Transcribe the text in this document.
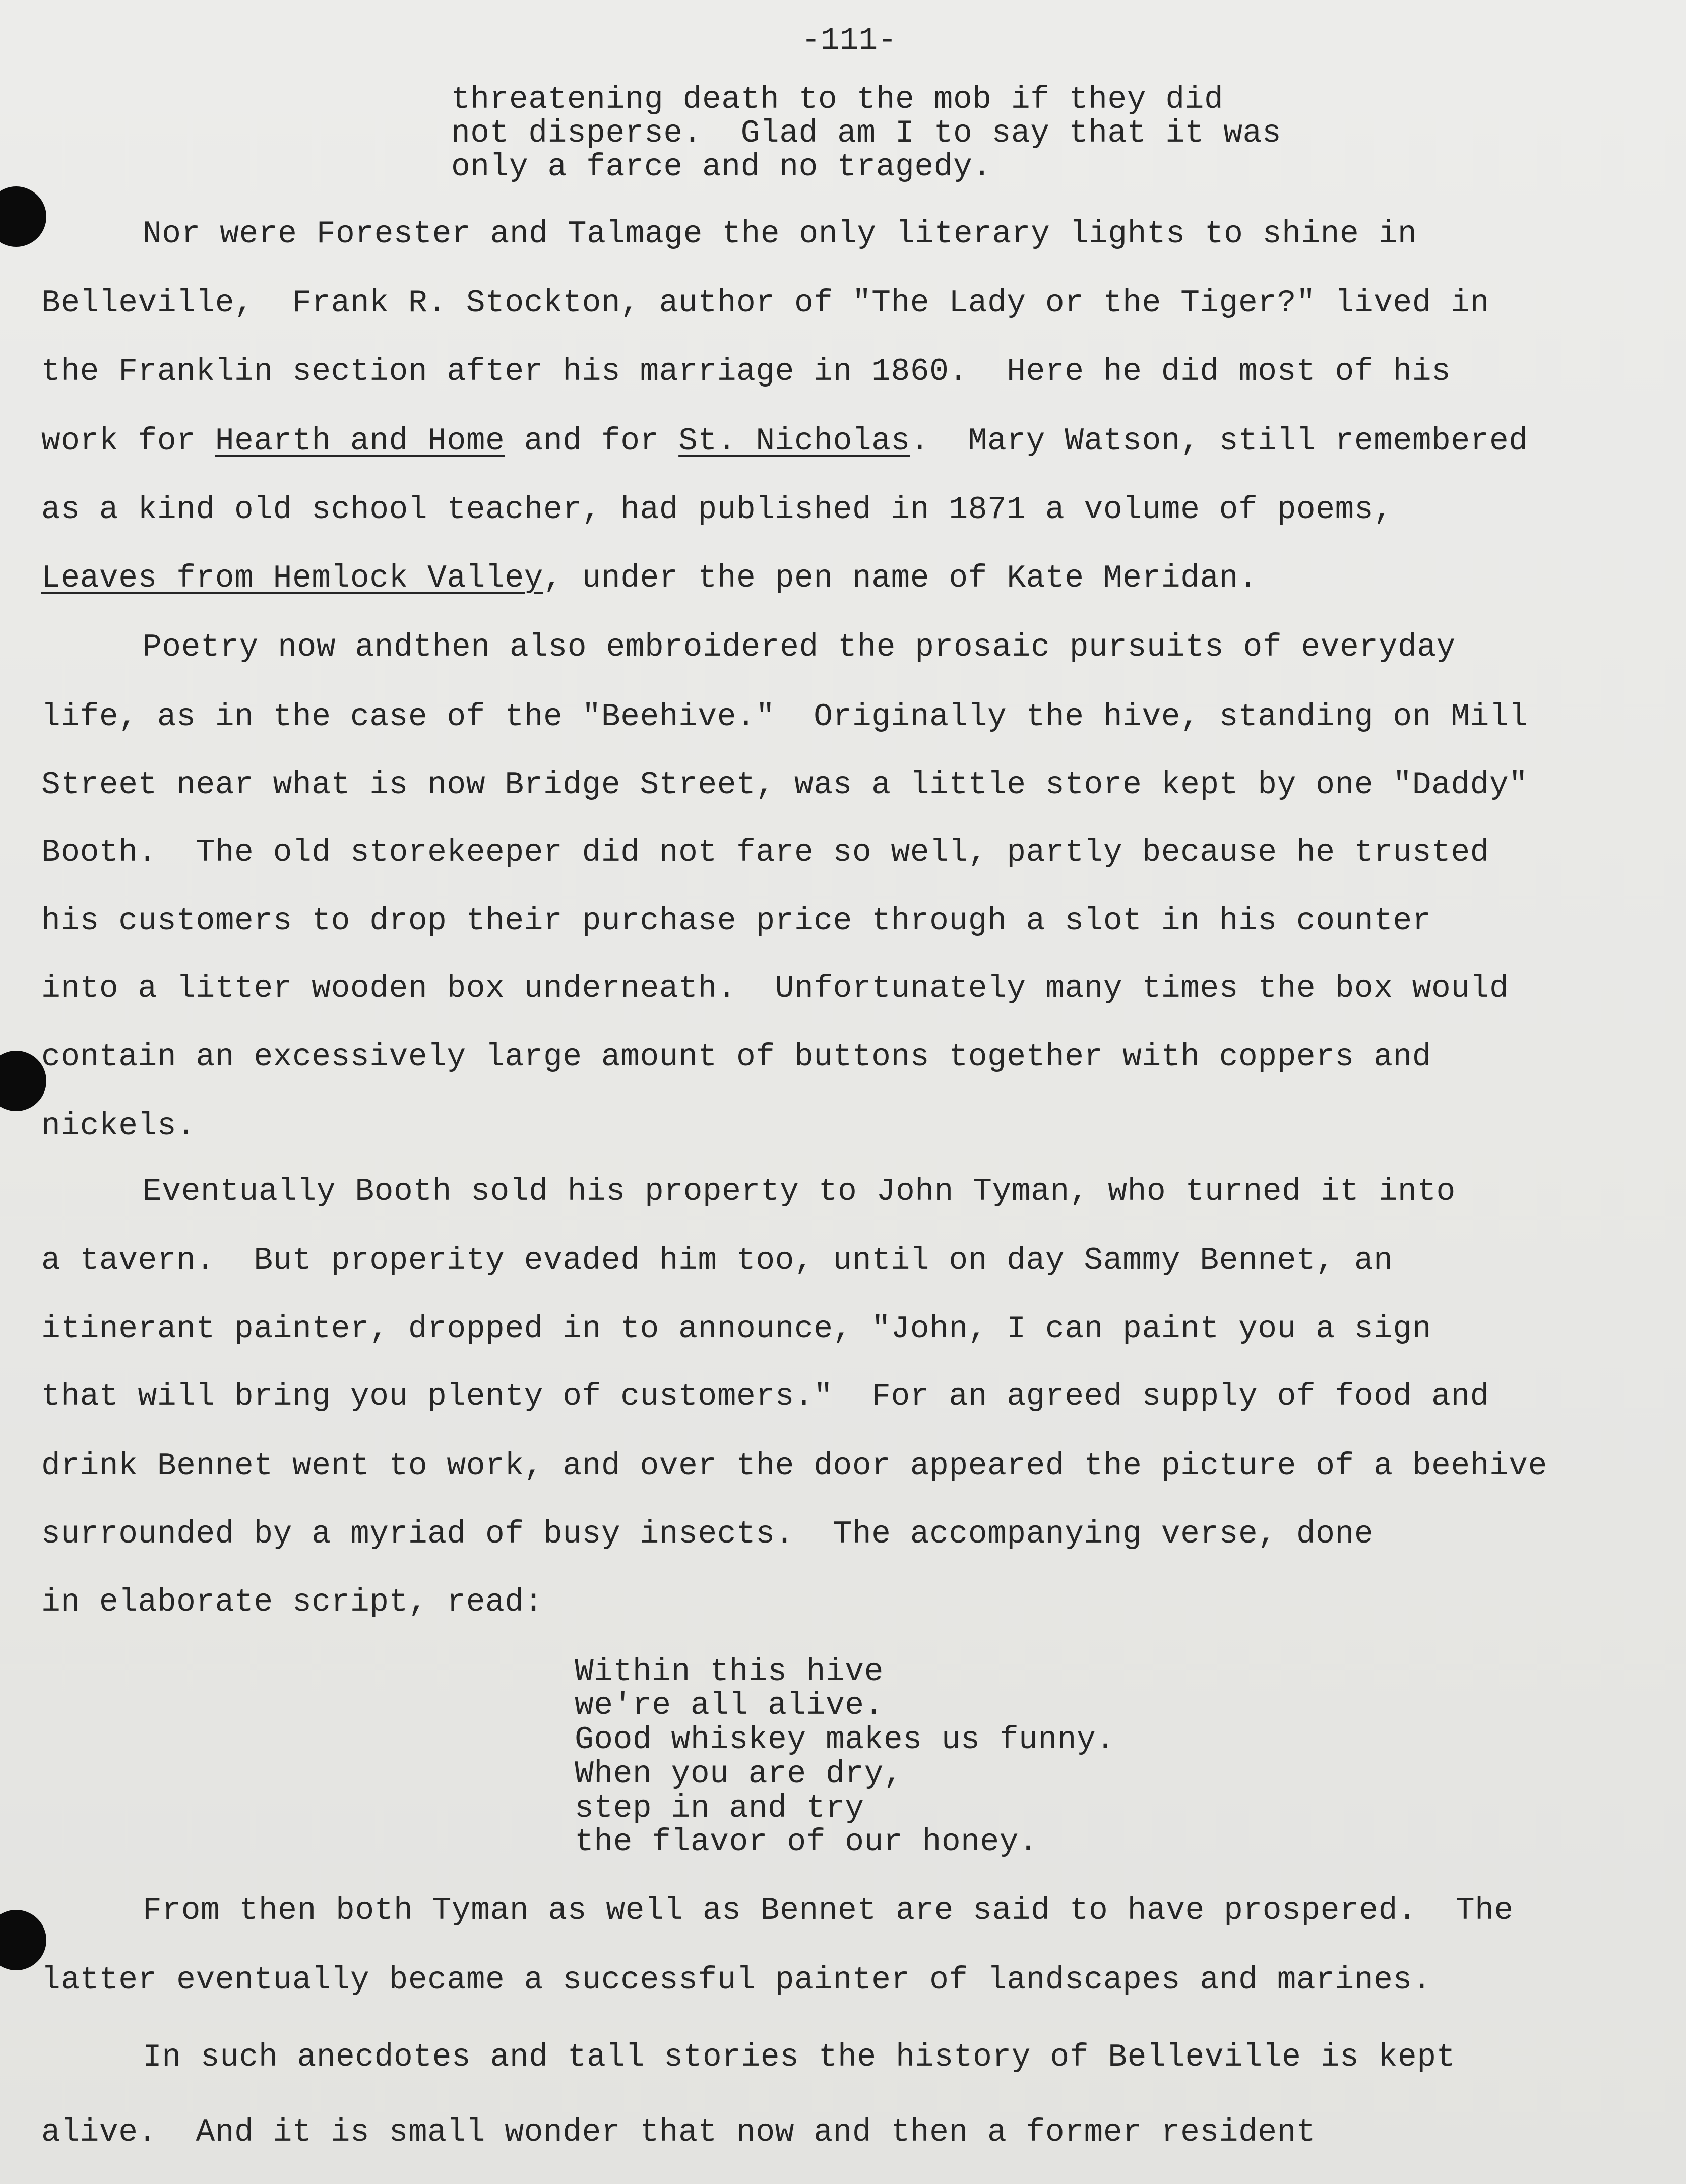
-111-
threatening death to the mob if they did
not disperse.  Glad am I to say that it was
only a farce and no tragedy.
Nor were Forester and Talmage the only literary lights to shine in
Belleville,  Frank R. Stockton, author of "The Lady or the Tiger?" lived in
the Franklin section after his marriage in 1860.  Here he did most of his
work for Hearth and Home and for St. Nicholas.  Mary Watson, still remembered
as a kind old school teacher, had published in 1871 a volume of poems,
Leaves from Hemlock Valley, under the pen name of Kate Meridan.
Poetry now andthen also embroidered the prosaic pursuits of everyday
life, as in the case of the "Beehive."  Originally the hive, standing on Mill
Street near what is now Bridge Street, was a little store kept by one "Daddy"
Booth.  The old storekeeper did not fare so well, partly because he trusted
his customers to drop their purchase price through a slot in his counter
into a litter wooden box underneath.  Unfortunately many times the box would
contain an excessively large amount of buttons together with coppers and
nickels.
Eventually Booth sold his property to John Tyman, who turned it into
a tavern.  But properity evaded him too, until on day Sammy Bennet, an
itinerant painter, dropped in to announce, "John, I can paint you a sign
that will bring you plenty of customers."  For an agreed supply of food and
drink Bennet went to work, and over the door appeared the picture of a beehive
surrounded by a myriad of busy insects.  The accompanying verse, done
in elaborate script, read:
Within this hive
we're all alive.
Good whiskey makes us funny.
When you are dry,
step in and try
the flavor of our honey.
From then both Tyman as well as Bennet are said to have prospered.  The
latter eventually became a successful painter of landscapes and marines.
In such anecdotes and tall stories the history of Belleville is kept
alive.  And it is small wonder that now and then a former resident
